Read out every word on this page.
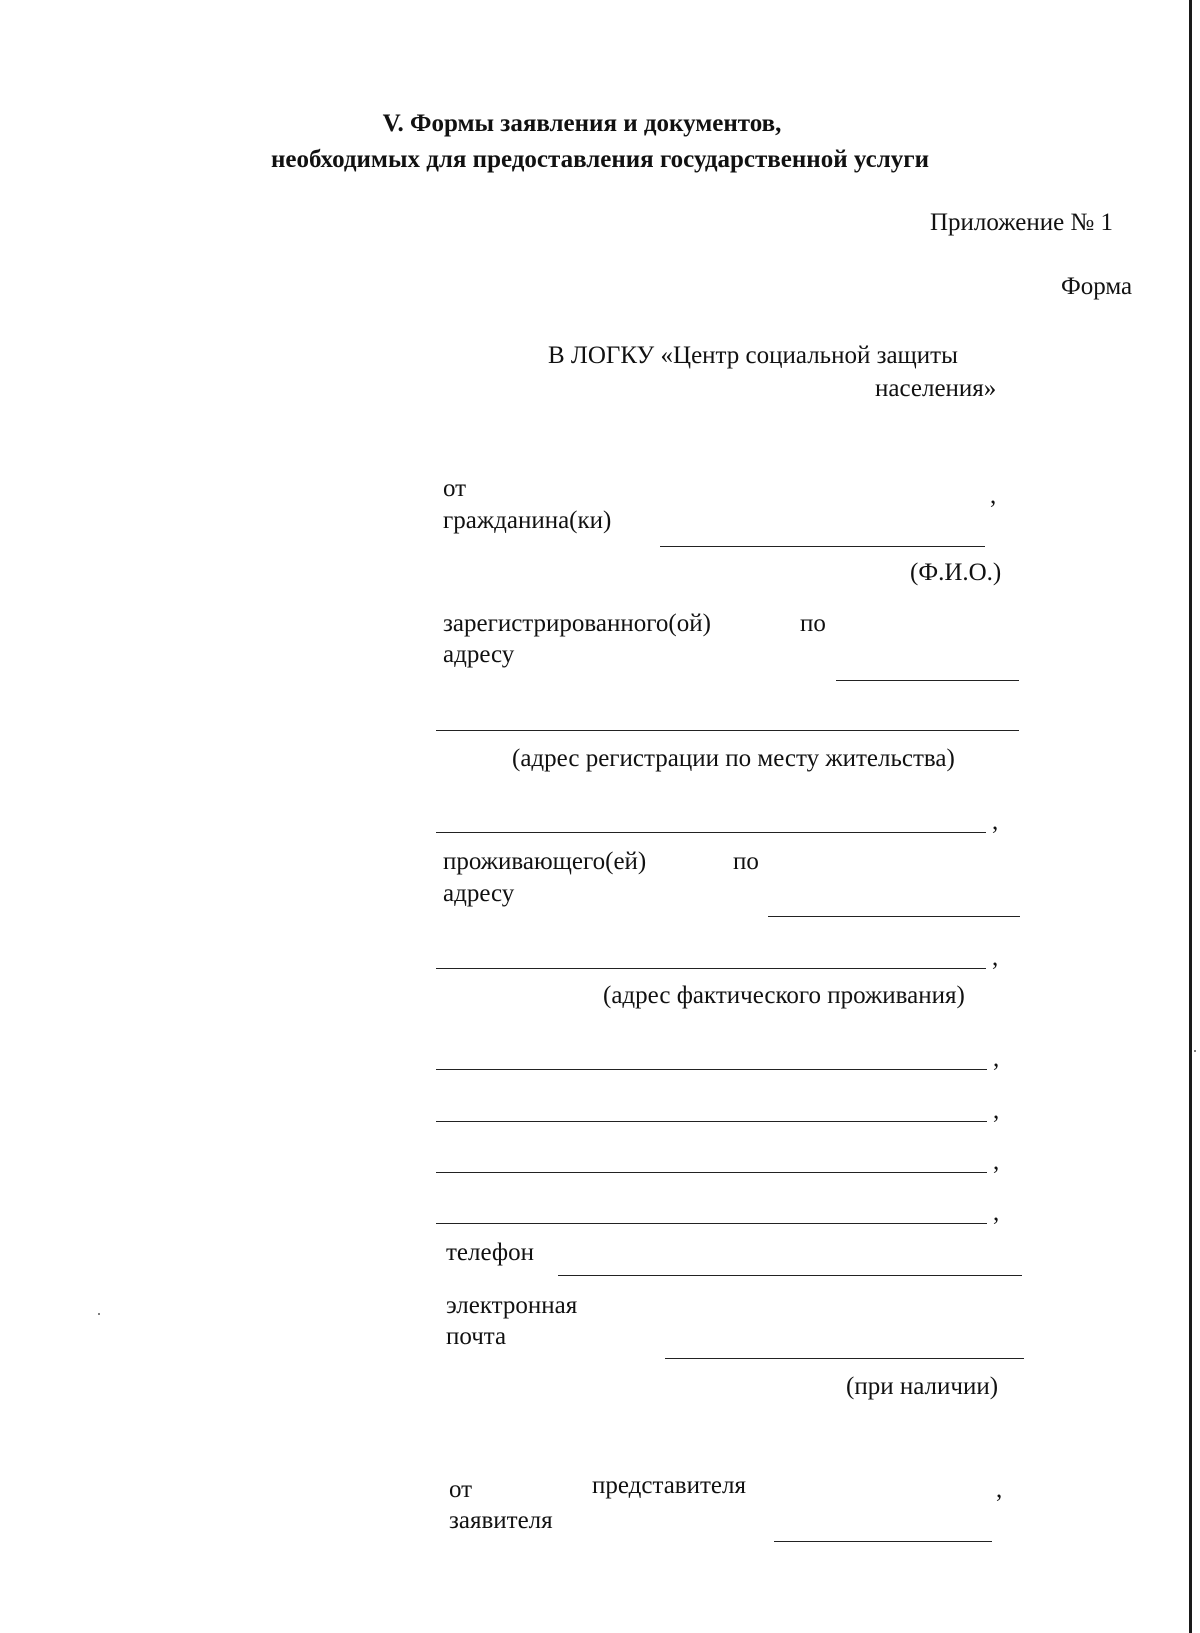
V. Формы заявления и документов,

необходимых для предоставления государственной услуги

Приложение № 1

Форма

В ЛОГКУ «Центр социальной защиты

населения»

от	,

гражданина(ки)

(Ф.И.О.)

зарегистрированного(ой)	по

адресу

(адрес регистрации по месту жительства)

,

проживающего(ей)	по

адресу

,

(адрес фактического проживания)

,

,

,

,

телефон

электронная

почта

(при наличии)

от	представителя	,

заявителя
